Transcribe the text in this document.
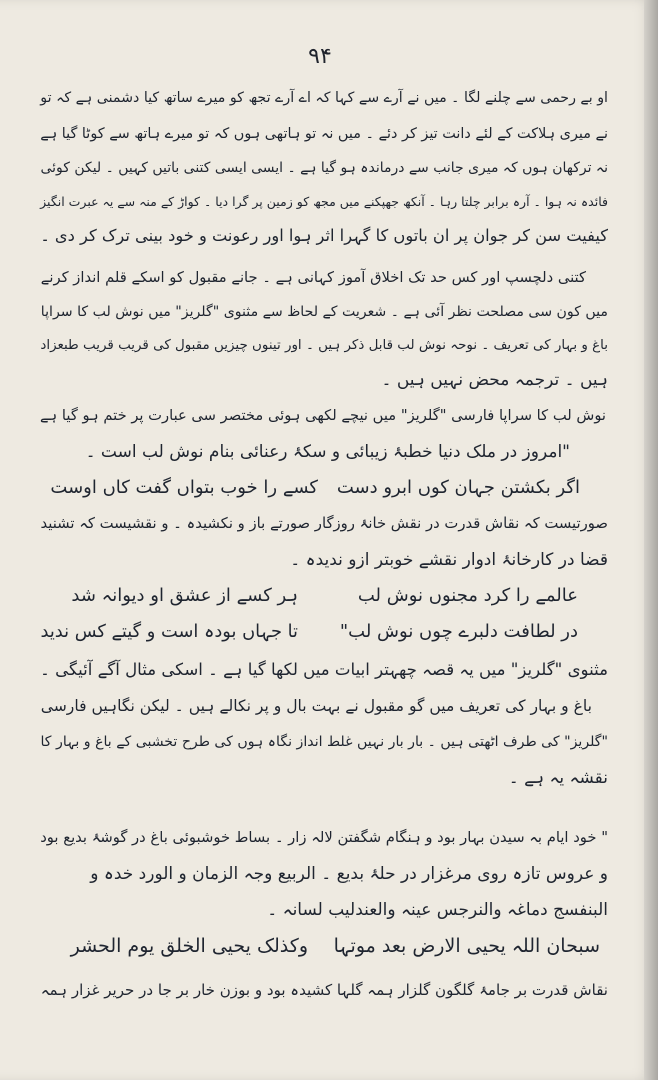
۹۴
او بے رحمی سے چلنے لگا ۔ میں نے آرے سے کہا کہ اے آرے تجھ کو میرے ساتھ کیا دشمنی ہے کہ تو
نے میری ہلاکت کے لئے دانت تیز کر دئے ۔ میں نہ تو ہاتھی ہوں کہ تو میرے ہاتھ سے کوٹا گیا ہے
نہ ترکھان ہوں کہ میری جانب سے درماندہ ہو گیا ہے ۔ ایسی ایسی کتنی باتیں کہیں ۔ لیکن کوئی
فائدہ نہ ہوا ۔ آرہ برابر چلتا رہا ۔ آنکھ جھپکنے میں مجھ کو زمین پر گرا دیا ۔ کواڑ کے منہ سے یہ عبرت انگیز
کیفیت سن کر جوان پر ان باتوں کا گہرا اثر ہوا اور رعونت و خود بینی ترک کر دی ۔
کتنی دلچسپ اور کس حد تک اخلاق آموز کہانی ہے ۔ جانے مقبول کو اسکے قلم انداز کرنے
میں کون سی مصلحت نظر آئی ہے ۔ شعریت کے لحاظ سے مثنوی "گلریز" میں نوش لب کا سراپا
باغ و بہار کی تعریف ۔ نوحہ نوش لب قابل ذکر ہیں ۔ اور تینوں چیزیں مقبول کی قریب قریب طبعزاد
ہیں ۔ ترجمہ محض نہیں ہیں ۔
نوش لب کا سراپا فارسی "گلریز" میں نیچے لکھی ہوئی مختصر سی عبارت پر ختم ہو گیا ہے
"امروز در ملک دنیا خطبۂ زیبائی و سکۂ رعنائی بنام نوش لب است ۔
اگر بکشتن جہان کوں ابرو دست
کسے را خوب بتواں گفت کاں اوست
صورتیست کہ نقاش قدرت در نقش خانۂ روزگار صورتے باز و نکشیدہ ۔ و نقشیست کہ تشنید
قضا در کارخانۂ ادوار نقشے خوبتر ازو ندیدہ ۔
عالمے را کرد مجنوں نوش لب
ہر کسے از عشق او دیوانہ شد
در لطافت دلبرے چوں نوش لب"
تا جہاں بودہ است و گیتے کس ندید
مثنوی "گلریز" میں یہ قصہ چھہتر ابیات میں لکھا گیا ہے ۔ اسکی مثال آگے آئیگی ۔
باغ و بہار کی تعریف میں گو مقبول نے بہت بال و پر نکالے ہیں ۔ لیکن نگاہیں فارسی
"گلریز" کی طرف اٹھتی ہیں ۔ بار بار نہیں غلط انداز نگاہ ہوں کی طرح تخشبی کے باغ و بہار کا
نقشہ یہ ہے ۔
" خود ایام بہ سیدن بہار بود و ہنگام شگفتن لالہ زار ۔ بساط خوشبوئی باغ در گوشۂ بدیع بود
و عروس تازہ روی مرغزار در حلۂ بدیع ۔ الربیع وجہ الزمان و الورد خدہ و
البنفسج دماغہ والنرجس عینہ والعندلیب لسانہ ۔
سبحان اللہ یحیی الارض بعد موتہا
وکذلک یحیی الخلق یوم الحشر
نقاش قدرت بر جامۂ گلگون گلزار ہمہ گلہا کشیدہ بود و بوزن خار بر جا در حریر غزار ہمہ
